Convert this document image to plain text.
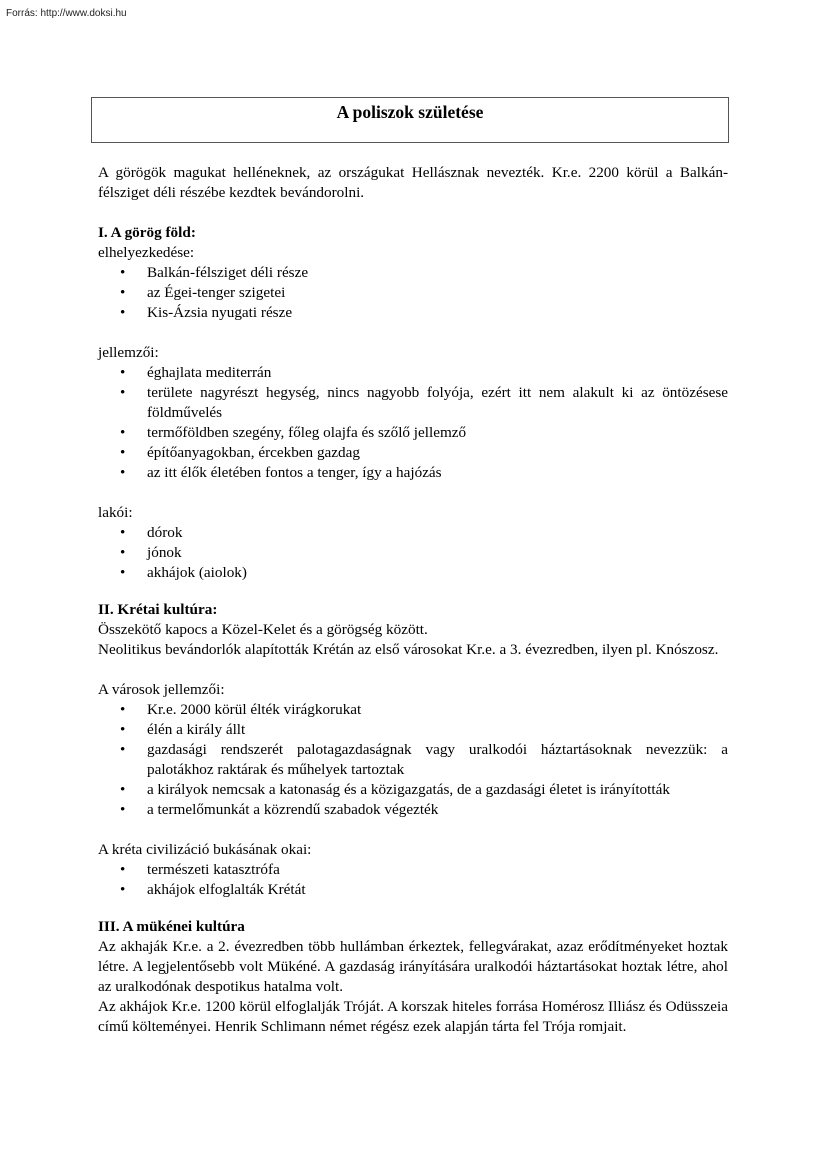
Forrás: http://www.doksi.hu
A poliszok születése

A görögök magukat helléneknek, az országukat Hellásznak nevezték. Kr.e. 2200 körül a Balkán-félsziget déli részébe kezdtek bevándorolni.

I. A görög föld:

elhelyezkedése:

• Balkán-félsziget déli része
• az Égei-tenger szigetei
• Kis-Ázsia nyugati része

jellemzői:

• éghajlata mediterrán
• területe nagyrészt hegység, nincs nagyobb folyója, ezért itt nem alakult ki az öntözésese földművelés
• termőföldben szegény, főleg olajfa és szőlő jellemző
• építőanyagokban, ércekben gazdag
• az itt élők életében fontos a tenger, így a hajózás

lakói:

• dórok
• jónok
• akhájok (aiolok)
II. Krétai kultúra:

Összekötő kapocs a Közel-Kelet és a görögség között.

Neolitikus bevándorlók alapították Krétán az első városokat Kr.e. a 3. évezredben, ilyen pl. Knószosz.

A városok jellemzői:

• Kr.e. 2000 körül élték virágkorukat
• élén a király állt
• gazdasági rendszerét palotagazdaságnak vagy uralkodói háztartásoknak nevezzük: a palotákhoz raktárak és műhelyek tartoztak
• a királyok nemcsak a katonaság és a közigazgatás, de a gazdasági életet is irányították
• a termelőmunkát a közrendű szabadok végezték

A kréta civilizáció bukásának okai:

• természeti katasztrófa
• akhájok elfoglalták Krétát
III. A mükénei kultúra

Az akhaják Kr.e. a 2. évezredben több hullámban érkeztek, fellegvárakat, azaz erődítményeket hoztak létre. A legjelentősebb volt Mükéné. A gazdaság irányítására uralkodói háztartásokat hoztak létre, ahol az uralkodónak despotikus hatalma volt.

Az akhájok Kr.e. 1200 körül elfoglalják Tróját. A korszak hiteles forrása Homérosz Illiász és Odüsszeia című költeményei. Henrik Schlimann német régész ezek alapján tárta fel Trója romjait.
